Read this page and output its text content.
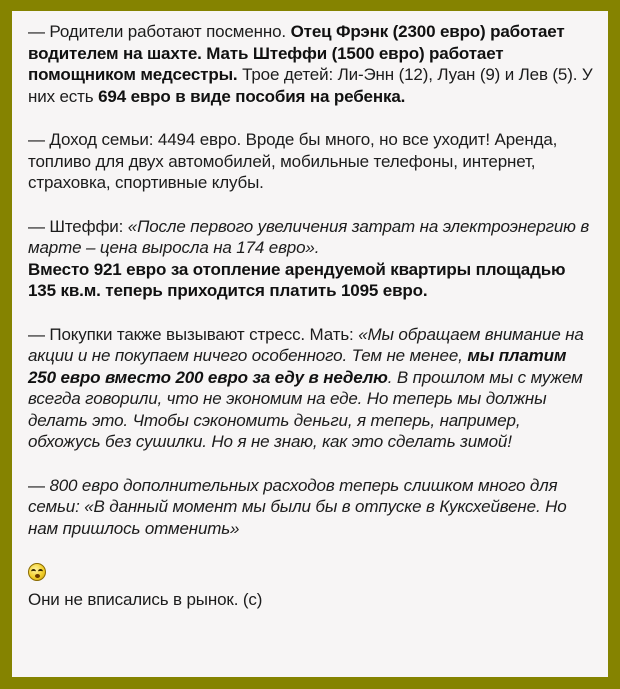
— Родители работают посменно. Отец Фрэнк (2300 евро) работает водителем на шахте. Мать Штеффи (1500 евро) работает помощником медсестры. Трое детей: Ли-Энн (12), Луан (9) и Лев (5). У них есть 694 евро в виде пособия на ребенка.

— Доход семьи: 4494 евро. Вроде бы много, но все уходит! Аренда, топливо для двух автомобилей, мобильные телефоны, интернет, страховка, спортивные клубы.

— Штеффи: «После первого увеличения затрат на электроэнергию в марте – цена выросла на 174 евро».
Вместо 921 евро за отопление арендуемой квартиры площадью 135 кв.м. теперь приходится платить 1095 евро.

— Покупки также вызывают стресс. Мать: «Мы обращаем внимание на акции и не покупаем ничего особенного. Тем не менее, мы платим 250 евро вместо 200 евро за еду в неделю. В прошлом мы с мужем всегда говорили, что не экономим на еде. Но теперь мы должны делать это. Чтобы сэкономить деньги, я теперь, например, обхожусь без сушилки. Но я не знаю, как это сделать зимой!

— 800 евро дополнительных расходов теперь слишком много для семьи: «В данный момент мы были бы в отпуске в Куксхейвене. Но нам пришлось отменить»

Они не вписались в рынок. (с)
